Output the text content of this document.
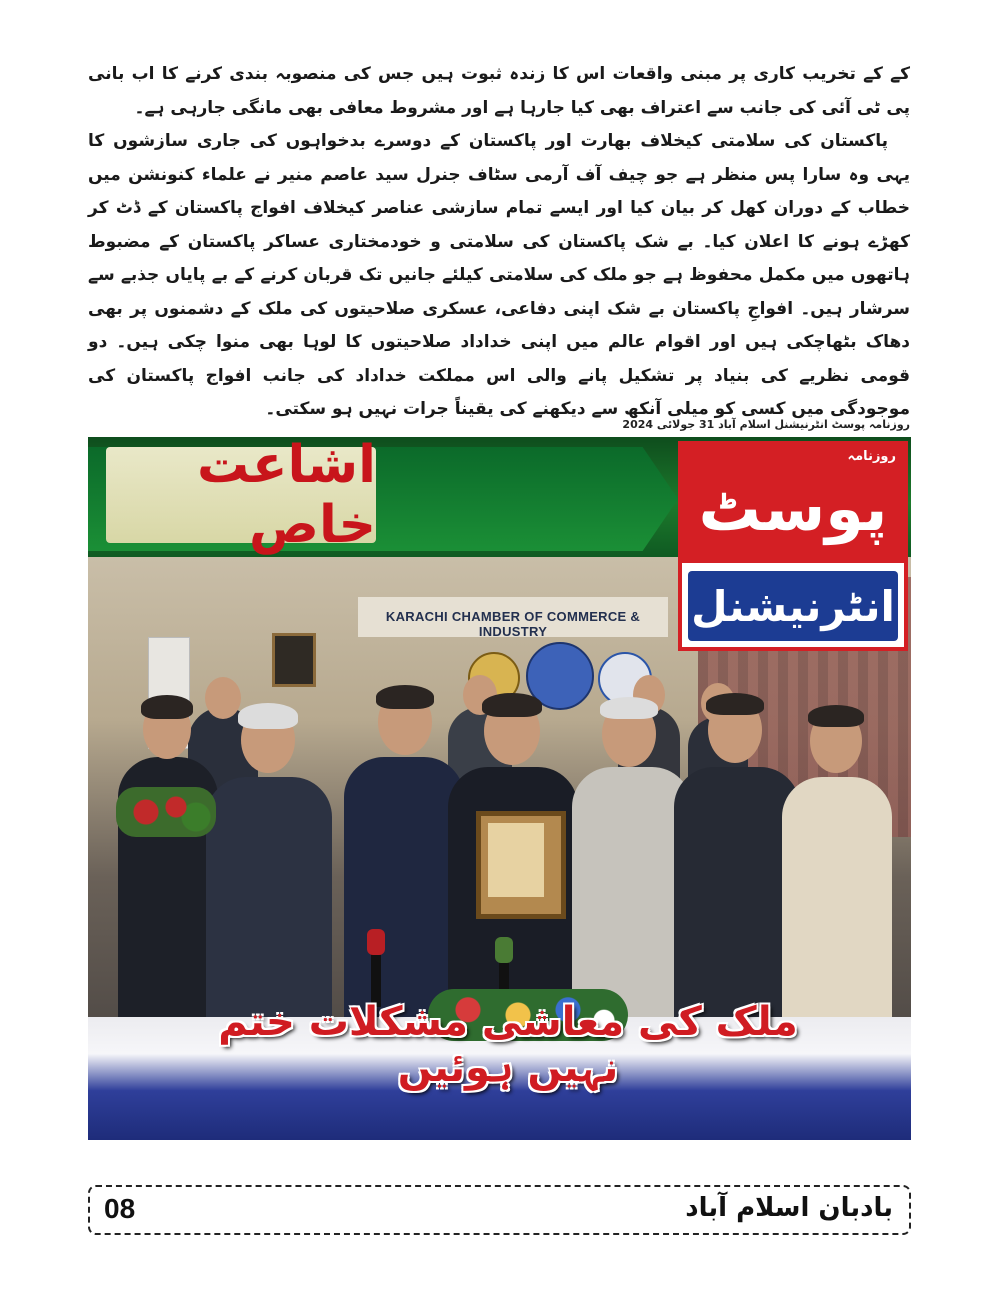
کے کے تخریب کاری پر مبنی واقعات اس کا زندہ ثبوت ہیں جس کی منصوبہ بندی کرنے کا اب بانی پی ٹی آئی کی جانب سے اعتراف بھی کیا جارہا ہے اور مشروط معافی بھی مانگی جارہی ہے۔

پاکستان کی سلامتی کیخلاف بھارت اور پاکستان کے دوسرے بدخواہوں کی جاری سازشوں کا یہی وہ سارا پس منظر ہے جو چیف آف آرمی سٹاف جنرل سید عاصم منیر نے علماء کنونشن میں خطاب کے دوران کھل کر بیان کیا اور ایسے تمام سازشی عناصر کیخلاف افواج پاکستان کے ڈٹ کر کھڑے ہونے کا اعلان کیا۔ بے شک پاکستان کی سلامتی و خودمختاری عساکر پاکستان کے مضبوط ہاتھوں میں مکمل محفوظ ہے جو ملک کی سلامتی کیلئے جانیں تک قربان کرنے کے بے پایاں جذبے سے سرشار ہیں۔ افواجِ پاکستان بے شک اپنی دفاعی، عسکری صلاحیتوں کی ملک کے دشمنوں پر بھی دھاک بٹھاچکی ہیں اور اقوام عالم میں اپنی خداداد صلاحیتوں کا لوہا بھی منوا چکی ہیں۔ دو قومی نظریے کی بنیاد پر تشکیل پانے والی اس مملکت خداداد کی جانب افواج پاکستان کی موجودگی میں کسی کو میلی آنکھ سے دیکھنے کی یقیناً جرات نہیں ہو سکتی۔

روزنامہ پوسٹ انٹرنیشنل اسلام آباد 31 جولائی 2024
اشاعت خاص
KARACHI CHAMBER OF COMMERCE & INDUSTRY
روزنامہ
پوسٹ
انٹرنیشنل
ملک کی معاشی مشکلات ختم نہیں ہوئیں
08	بادبان اسلام آباد
